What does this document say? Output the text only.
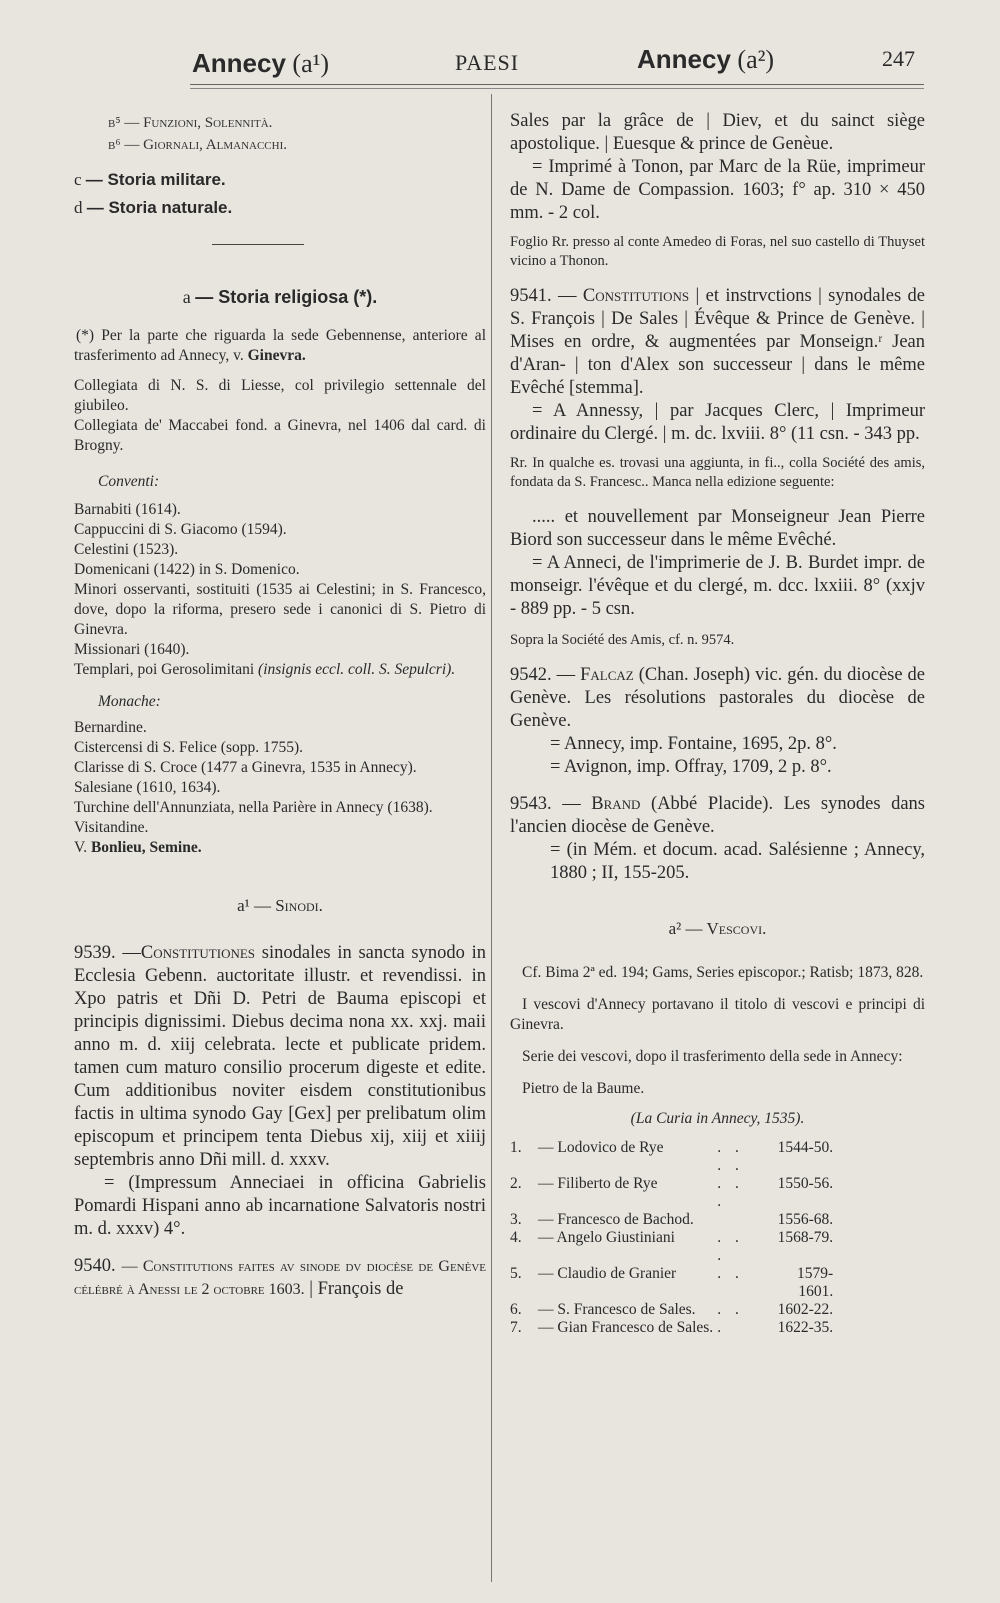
Annecy (a¹)	PAESI	Annecy (a²)	247

b⁵ — Funzioni, Solennità.

b⁶ — Giornali, Almanacchi.

c — Storia militare.

d — Storia naturale.

a — Storia religiosa (*).

(*) Per la parte che riguarda la sede Gebennense, anteriore al trasferimento ad Annecy, v. Ginevra.

Collegiata di N. S. di Liesse, col privilegio settennale del giubileo.

Collegiata de' Maccabei fond. a Ginevra, nel 1406 dal card. di Brogny.

Conventi:

Barnabiti (1614).

Cappuccini di S. Giacomo (1594).

Celestini (1523).

Domenicani (1422) in S. Domenico.

Minori osservanti, sostituiti (1535 ai Celestini; in S. Francesco, dove, dopo la riforma, presero sede i canonici di S. Pietro di Ginevra.

Missionari (1640).

Templari, poi Gerosolimitani (insignis eccl. coll. S. Sepulcri).

Monache:

Bernardine.

Cistercensi di S. Felice (sopp. 1755).

Clarisse di S. Croce (1477 a Ginevra, 1535 in Annecy).

Salesiane (1610, 1634).

Turchine dell'Annunziata, nella Parière in Annecy (1638).

Visitandine.

V. Bonlieu, Semine.

a¹ — Sinodi.

9539. —Constitutiones sinodales in sancta synodo in Ecclesia Gebenn. auctoritate illustr. et revendissi. in Xpo patris et Dñi D. Petri de Bauma episcopi et principis dignissimi. Diebus decima nona xx. xxj. maii anno m. d. xiij celebrata. lecte et publicate pridem. tamen cum maturo consilio procerum digeste et edite. Cum additionibus noviter eisdem constitutionibus factis in ultima synodo Gay [Gex] per prelibatum olim episcopum et principem tenta Diebus xij, xiij et xiiij septembris anno Dñi mill. d. xxxv.

= (Impressum Anneciaei in officina Gabrielis Pomardi Hispani anno ab incarnatione Salvatoris nostri m. d. xxxv) 4°.

9540. — Constitutions faites av sinode dv diocèse de Genève célébré à Anessi le 2 octobre 1603. | François de

Sales par la grâce de | Diev, et du sainct siège apostolique. | Euesque & prince de Genèue.

= Imprimé à Tonon, par Marc de la Rüe, imprimeur de N. Dame de Compassion. 1603; f° ap. 310 × 450 mm. - 2 col.

Foglio Rr. presso al conte Amedeo di Foras, nel suo castello di Thuyset vicino a Thonon.

9541. — Constitutions | et instrvctions | synodales de S. François | De Sales | Évêque & Prince de Genève. | Mises en ordre, & augmentées par Monseign.ʳ Jean d'Aran- | ton d'Alex son successeur | dans le même Evêché [stemma].

= A Annessy, | par Jacques Clerc, | Imprimeur ordinaire du Clergé. | m. dc. lxviii. 8° (11 csn. - 343 pp.

Rr. In qualche es. trovasi una aggiunta, in fi.., colla Société des amis, fondata da S. Francesc.. Manca nella edizione seguente:

..... et nouvellement par Monseigneur Jean Pierre Biord son successeur dans le même Evêché.

= A Anneci, de l'imprimerie de J. B. Burdet impr. de monseigr. l'évêque et du clergé, m. dcc. lxxiii. 8° (xxjv - 889 pp. - 5 csn.

Sopra la Société des Amis, cf. n. 9574.

9542. — Falcaz (Chan. Joseph) vic. gén. du diocèse de Genève. Les résolutions pastorales du diocèse de Genève.

= Annecy, imp. Fontaine, 1695, 2p. 8°.

= Avignon, imp. Offray, 1709, 2 p. 8°.

9543. — Brand (Abbé Placide). Les synodes dans l'ancien diocèse de Genève.

= (in Mém. et docum. acad. Salésienne ; Annecy, 1880 ; II, 155-205.

a² — Vescovi.

Cf. Bima 2ª ed. 194; Gams, Series episcopor.; Ratisb; 1873, 828.

I vescovi d'Annecy portavano il titolo di vescovi e principi di Ginevra.

Serie dei vescovi, dopo il trasferimento della sede in Annecy:

Pietro de la Baume.

(La Curia in Annecy, 1535).

1.	— Lodovico de Rye	. . . .	1544-50.
2.	— Filiberto de Rye	. . .	1550-56.
3.	— Francesco de Bachod.		1556-68.
4.	— Angelo Giustiniani	. . .	1568-79.
5.	— Claudio de Granier	. .	1579-1601.
6.	— S. Francesco de Sales.	. .	1602-22.
7.	— Gian Francesco de Sales.	.	1622-35.
